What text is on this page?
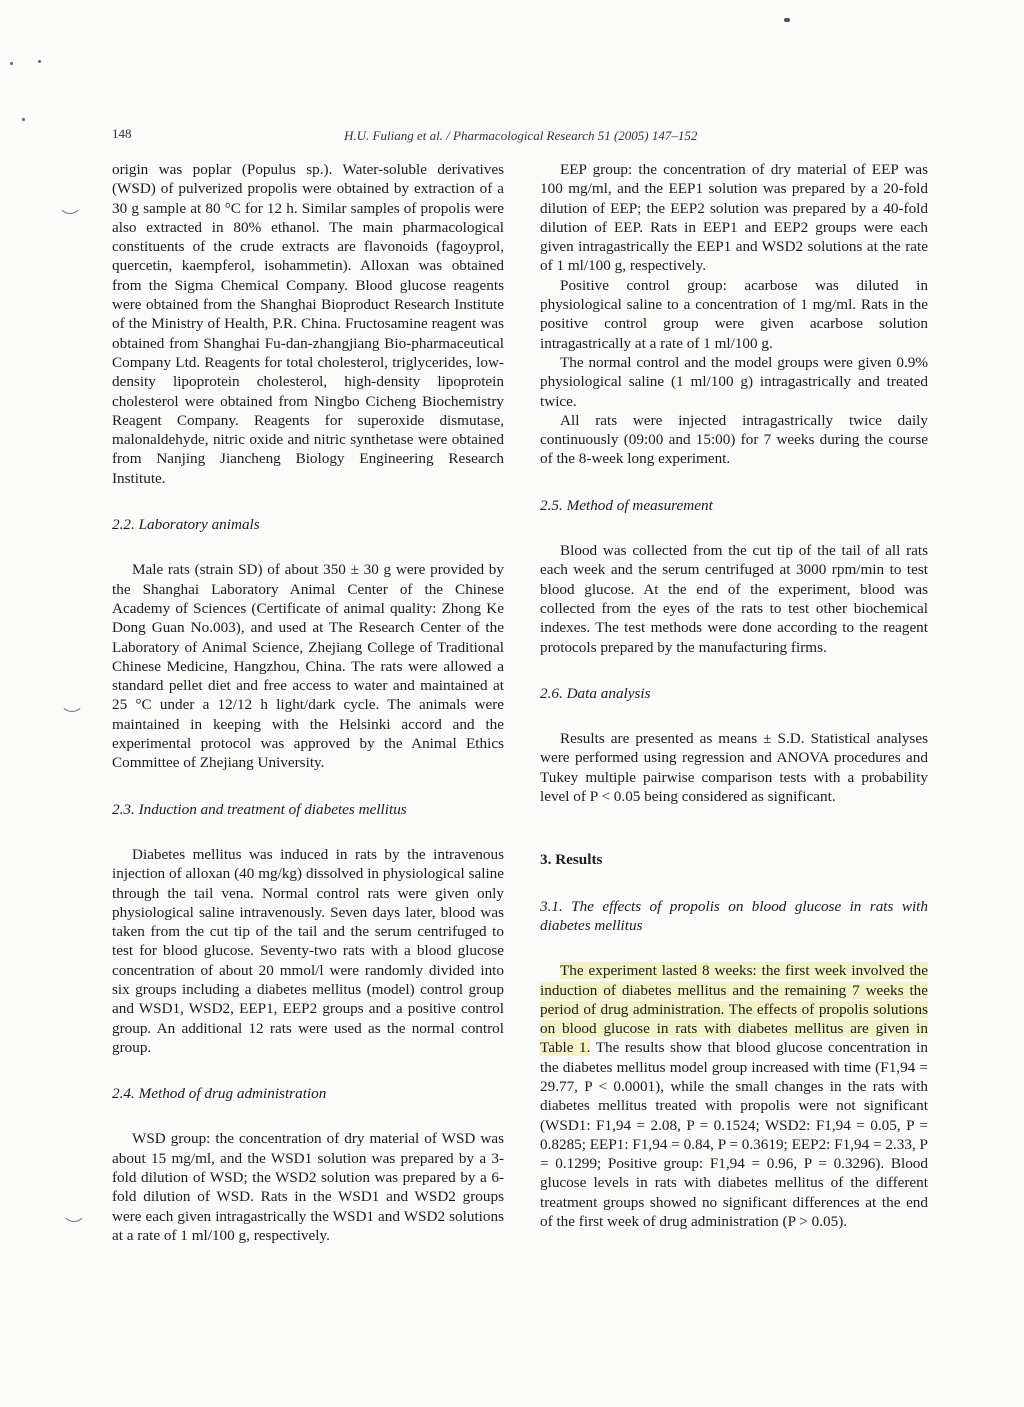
148	H.U. Fuliang et al. / Pharmacological Research 51 (2005) 147–152

origin was poplar (Populus sp.). Water-soluble derivatives (WSD) of pulverized propolis were obtained by extraction of a 30 g sample at 80 °C for 12 h. Similar samples of propolis were also extracted in 80% ethanol. The main pharmacological constituents of the crude extracts are flavonoids (fagoyprol, quercetin, kaempferol, isohammetin). Alloxan was obtained from the Sigma Chemical Company. Blood glucose reagents were obtained from the Shanghai Bioproduct Research Institute of the Ministry of Health, P.R. China. Fructosamine reagent was obtained from Shanghai Fu-dan-zhangjiang Bio-pharmaceutical Company Ltd. Reagents for total cholesterol, triglycerides, low-density lipoprotein cholesterol, high-density lipoprotein cholesterol were obtained from Ningbo Cicheng Biochemistry Reagent Company. Reagents for superoxide dismutase, malonaldehyde, nitric oxide and nitric synthetase were obtained from Nanjing Jiancheng Biology Engineering Research Institute.

2.2. Laboratory animals

Male rats (strain SD) of about 350 ± 30 g were provided by the Shanghai Laboratory Animal Center of the Chinese Academy of Sciences (Certificate of animal quality: Zhong Ke Dong Guan No.003), and used at The Research Center of the Laboratory of Animal Science, Zhejiang College of Traditional Chinese Medicine, Hangzhou, China. The rats were allowed a standard pellet diet and free access to water and maintained at 25 °C under a 12/12 h light/dark cycle. The animals were maintained in keeping with the Helsinki accord and the experimental protocol was approved by the Animal Ethics Committee of Zhejiang University.

2.3. Induction and treatment of diabetes mellitus

Diabetes mellitus was induced in rats by the intravenous injection of alloxan (40 mg/kg) dissolved in physiological saline through the tail vena. Normal control rats were given only physiological saline intravenously. Seven days later, blood was taken from the cut tip of the tail and the serum centrifuged to test for blood glucose. Seventy-two rats with a blood glucose concentration of about 20 mmol/l were randomly divided into six groups including a diabetes mellitus (model) control group and WSD1, WSD2, EEP1, EEP2 groups and a positive control group. An additional 12 rats were used as the normal control group.

2.4. Method of drug administration

WSD group: the concentration of dry material of WSD was about 15 mg/ml, and the WSD1 solution was prepared by a 3-fold dilution of WSD; the WSD2 solution was prepared by a 6-fold dilution of WSD. Rats in the WSD1 and WSD2 groups were each given intragastrically the WSD1 and WSD2 solutions at a rate of 1 ml/100 g, respectively.

EEP group: the concentration of dry material of EEP was 100 mg/ml, and the EEP1 solution was prepared by a 20-fold dilution of EEP; the EEP2 solution was prepared by a 40-fold dilution of EEP. Rats in EEP1 and EEP2 groups were each given intragastrically the EEP1 and WSD2 solutions at the rate of 1 ml/100 g, respectively.

Positive control group: acarbose was diluted in physiological saline to a concentration of 1 mg/ml. Rats in the positive control group were given acarbose solution intragastrically at a rate of 1 ml/100 g.

The normal control and the model groups were given 0.9% physiological saline (1 ml/100 g) intragastrically and treated twice.

All rats were injected intragastrically twice daily continuously (09:00 and 15:00) for 7 weeks during the course of the 8-week long experiment.

2.5. Method of measurement

Blood was collected from the cut tip of the tail of all rats each week and the serum centrifuged at 3000 rpm/min to test blood glucose. At the end of the experiment, blood was collected from the eyes of the rats to test other biochemical indexes. The test methods were done according to the reagent protocols prepared by the manufacturing firms.

2.6. Data analysis

Results are presented as means ± S.D. Statistical analyses were performed using regression and ANOVA procedures and Tukey multiple pairwise comparison tests with a probability level of P < 0.05 being considered as significant.

3. Results
3.1. The effects of propolis on blood glucose in rats with diabetes mellitus

The experiment lasted 8 weeks: the first week involved the induction of diabetes mellitus and the remaining 7 weeks the period of drug administration. The effects of propolis solutions on blood glucose in rats with diabetes mellitus are given in Table 1. The results show that blood glucose concentration in the diabetes mellitus model group increased with time (F1,94 = 29.77, P < 0.0001), while the small changes in the rats with diabetes mellitus treated with propolis were not significant (WSD1: F1,94 = 2.08, P = 0.1524; WSD2: F1,94 = 0.05, P = 0.8285; EEP1: F1,94 = 0.84, P = 0.3619; EEP2: F1,94 = 2.33, P = 0.1299; Positive group: F1,94 = 0.96, P = 0.3296). Blood glucose levels in rats with diabetes mellitus of the different treatment groups showed no significant differences at the end of the first week of drug administration (P > 0.05).
